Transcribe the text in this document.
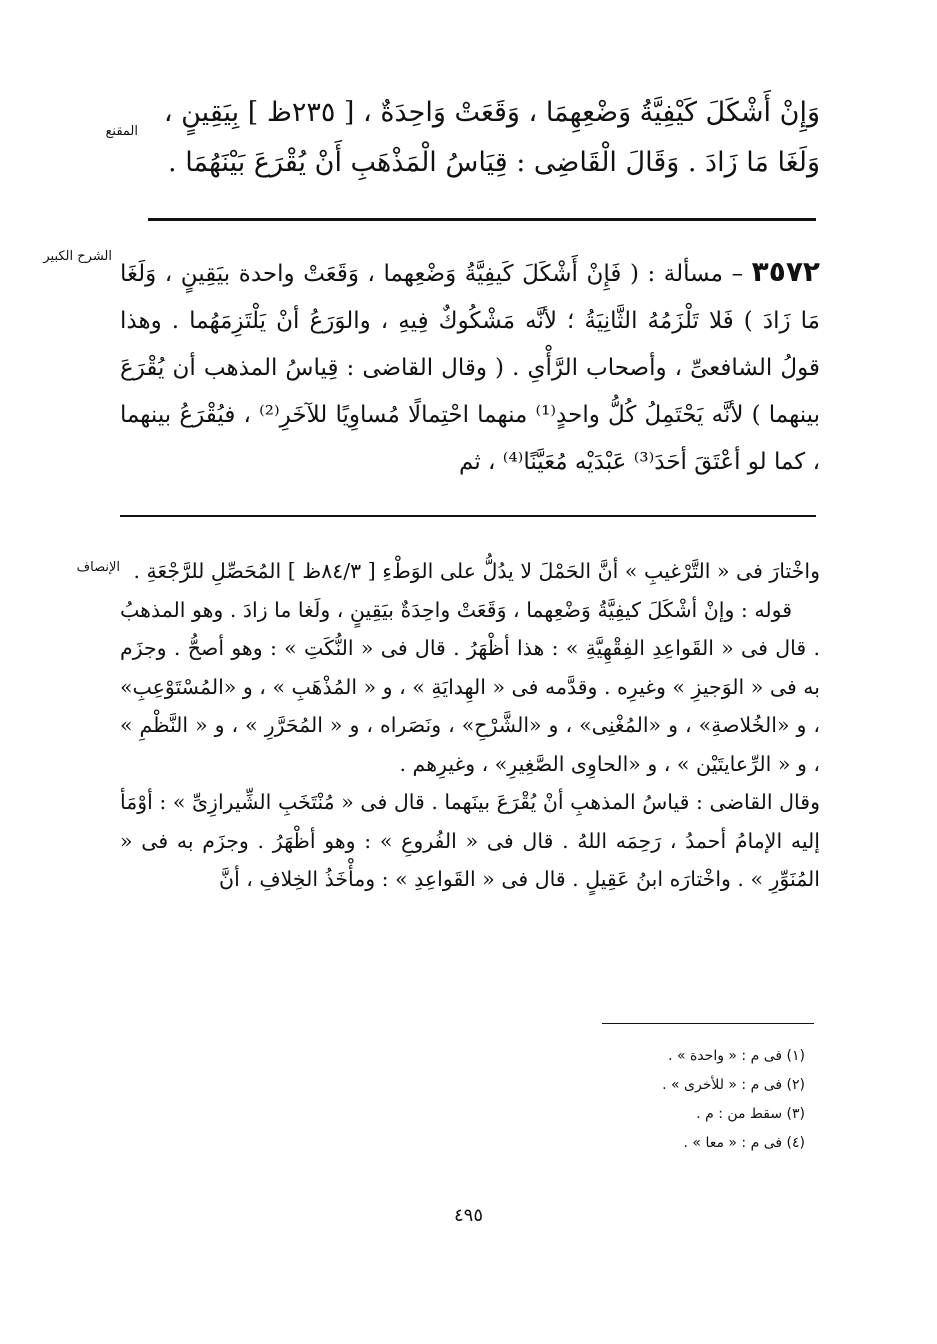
المقنع

وَإِنْ أَشْكَلَ كَيْفِيَّةُ وَضْعِهِمَا ، وَقَعَتْ وَاحِدَةٌ ، [ ٢٣٥ظ ] بِيَقِينٍ ،

وَلَغَا مَا زَادَ . وَقَالَ الْقَاضِى : قِيَاسُ الْمَذْهَبِ أَنْ يُقْرَعَ بَيْنَهُمَا .

الشرح الكبير	٣٥٧٢ – مسألة : ( فَإِنْ أَشْكَلَ كَيفِيَّةُ وَضْعِهما ، وَقَعَتْ واحدة بيَقِينٍ ، وَلَغَا مَا زَادَ ) فَلا تَلْزَمُهُ الثَّانِيَةُ ؛ لأنَّه مَشْكُوكٌ فِيهِ ، والوَرَعُ أنْ يَلْتَزِمَهُما . وهذا قولُ الشافعىِّ ، وأصحاب الرَّأْىِ . ( وقال القاضى : قِياسُ المذهب أن يُقْرَعَ بينهما ) لأنَّه يَحْتَمِلُ كُلُّ واحدٍ⁽¹⁾ منهما احْتِمالًا مُساوِيًا للآخَرِ⁽²⁾ ، فيُقْرَعُ بينهما ، كما لو أعْتَقَ أحَدَ⁽³⁾ عَبْدَيْه مُعَيَّنًا⁽⁴⁾ ، ثم

الإنصاف واخْتارَ فى « التَّرْغيبِ » أنَّ الحَمْلَ لا يدُلُّ على الوَطْءِ [ ٨٤/٣ظ ] المُحَصِّلِ للرَّجْعَةِ .

قوله : وإنْ أشْكَلَ كيفِيَّةُ وَضْعِهما ، وَقَعَتْ واحِدَةٌ بيَقِينٍ ، ولَغا ما زادَ . وهو المذهبُ . قال فى « القَواعِدِ الفِقْهِيَّةِ » : هذا أظْهَرُ . قال فى « النُّكَتِ » : وهو أصحُّ . وجزَم به فى « الوَجيزِ » وغيرِه . وقدَّمه فى « الهِدايَةِ » ، و « المُذْهَبِ » ، و «المُسْتَوْعِبِ» ، و «الخُلاصةِ» ، و «المُغْنِى» ، و «الشَّرْحِ» ، ونَصَراه ، و « المُحَرَّرِ » ، و « النَّظْمِ » ، و « الرِّعايتَيْن » ، و «الحاوِى الصَّغِيرِ» ، وغيرِهم .

وقال القاضى : قياسُ المذهبِ أنْ يُقْرَعَ بينَهما . قال فى « مُنْتَخَبِ الشِّيرازِىِّ » : أوْمَأ إليه الإمامُ أحمدُ ، رَحِمَه اللهُ . قال فى « الفُروعِ » : وهو أظْهَرُ . وجزَم به فى « المُنَوِّرِ » . واخْتارَه ابنُ عَقِيلٍ . قال فى « القَواعِدِ » : ومأْخَذُ الخِلافِ ، أنَّ

(١) فى م : « واحدة » .
(٢) فى م : « للأخرى » .
(٣) سقط من : م .
(٤) فى م : « معا » .
٤٩٥
